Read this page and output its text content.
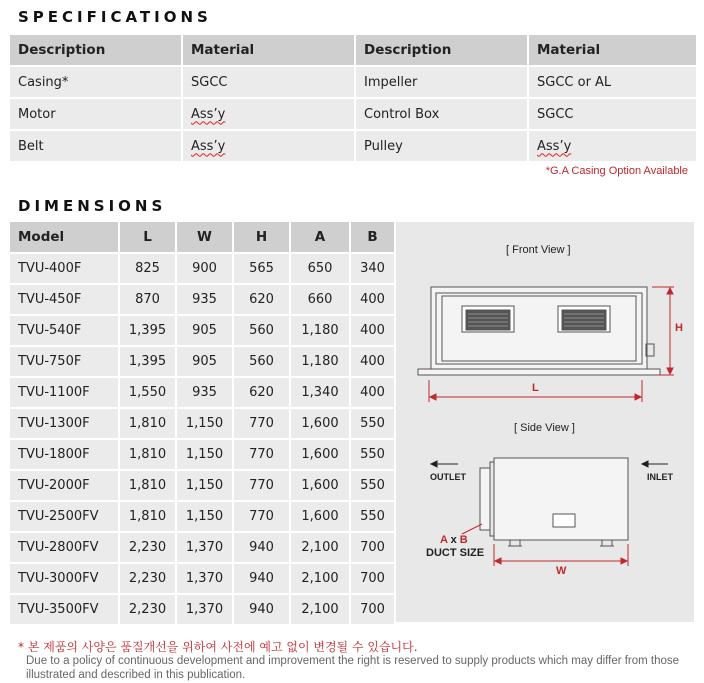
SPECIFICATIONS
Description	Material	Description	Material
Casing*	SGCC	Impeller	SGCC or AL
Motor	Ass’y	Control Box	SGCC
Belt	Ass’y	Pulley	Ass’y
*G.A Casing Option Available
DIMENSIONS
Model	L	W	H	A	B
TVU-400F	825	900	565	650	340
TVU-450F	870	935	620	660	400
TVU-540F	1,395	905	560	1,180	400
TVU-750F	1,395	905	560	1,180	400
TVU-1100F	1,550	935	620	1,340	400
TVU-1300F	1,810	1,150	770	1,600	550
TVU-1800F	1,810	1,150	770	1,600	550
TVU-2000F	1,810	1,150	770	1,600	550
TVU-2500FV	1,810	1,150	770	1,600	550
TVU-2800FV	2,230	1,370	940	2,100	700
TVU-3000FV	2,230	1,370	940	2,100	700
TVU-3500FV	2,230	1,370	940	2,100	700
[ Front View ]
[ Side View ]
H
L
W
OUTLET	INLET
A x B
DUCT SIZE
* 본 제품의 사양은 품질개선을 위하여 사전에 예고 없이 변경될 수 있습니다.
Due to a policy of continuous development and improvement the right is reserved to supply products which may differ from those illustrated and described in this publication.
